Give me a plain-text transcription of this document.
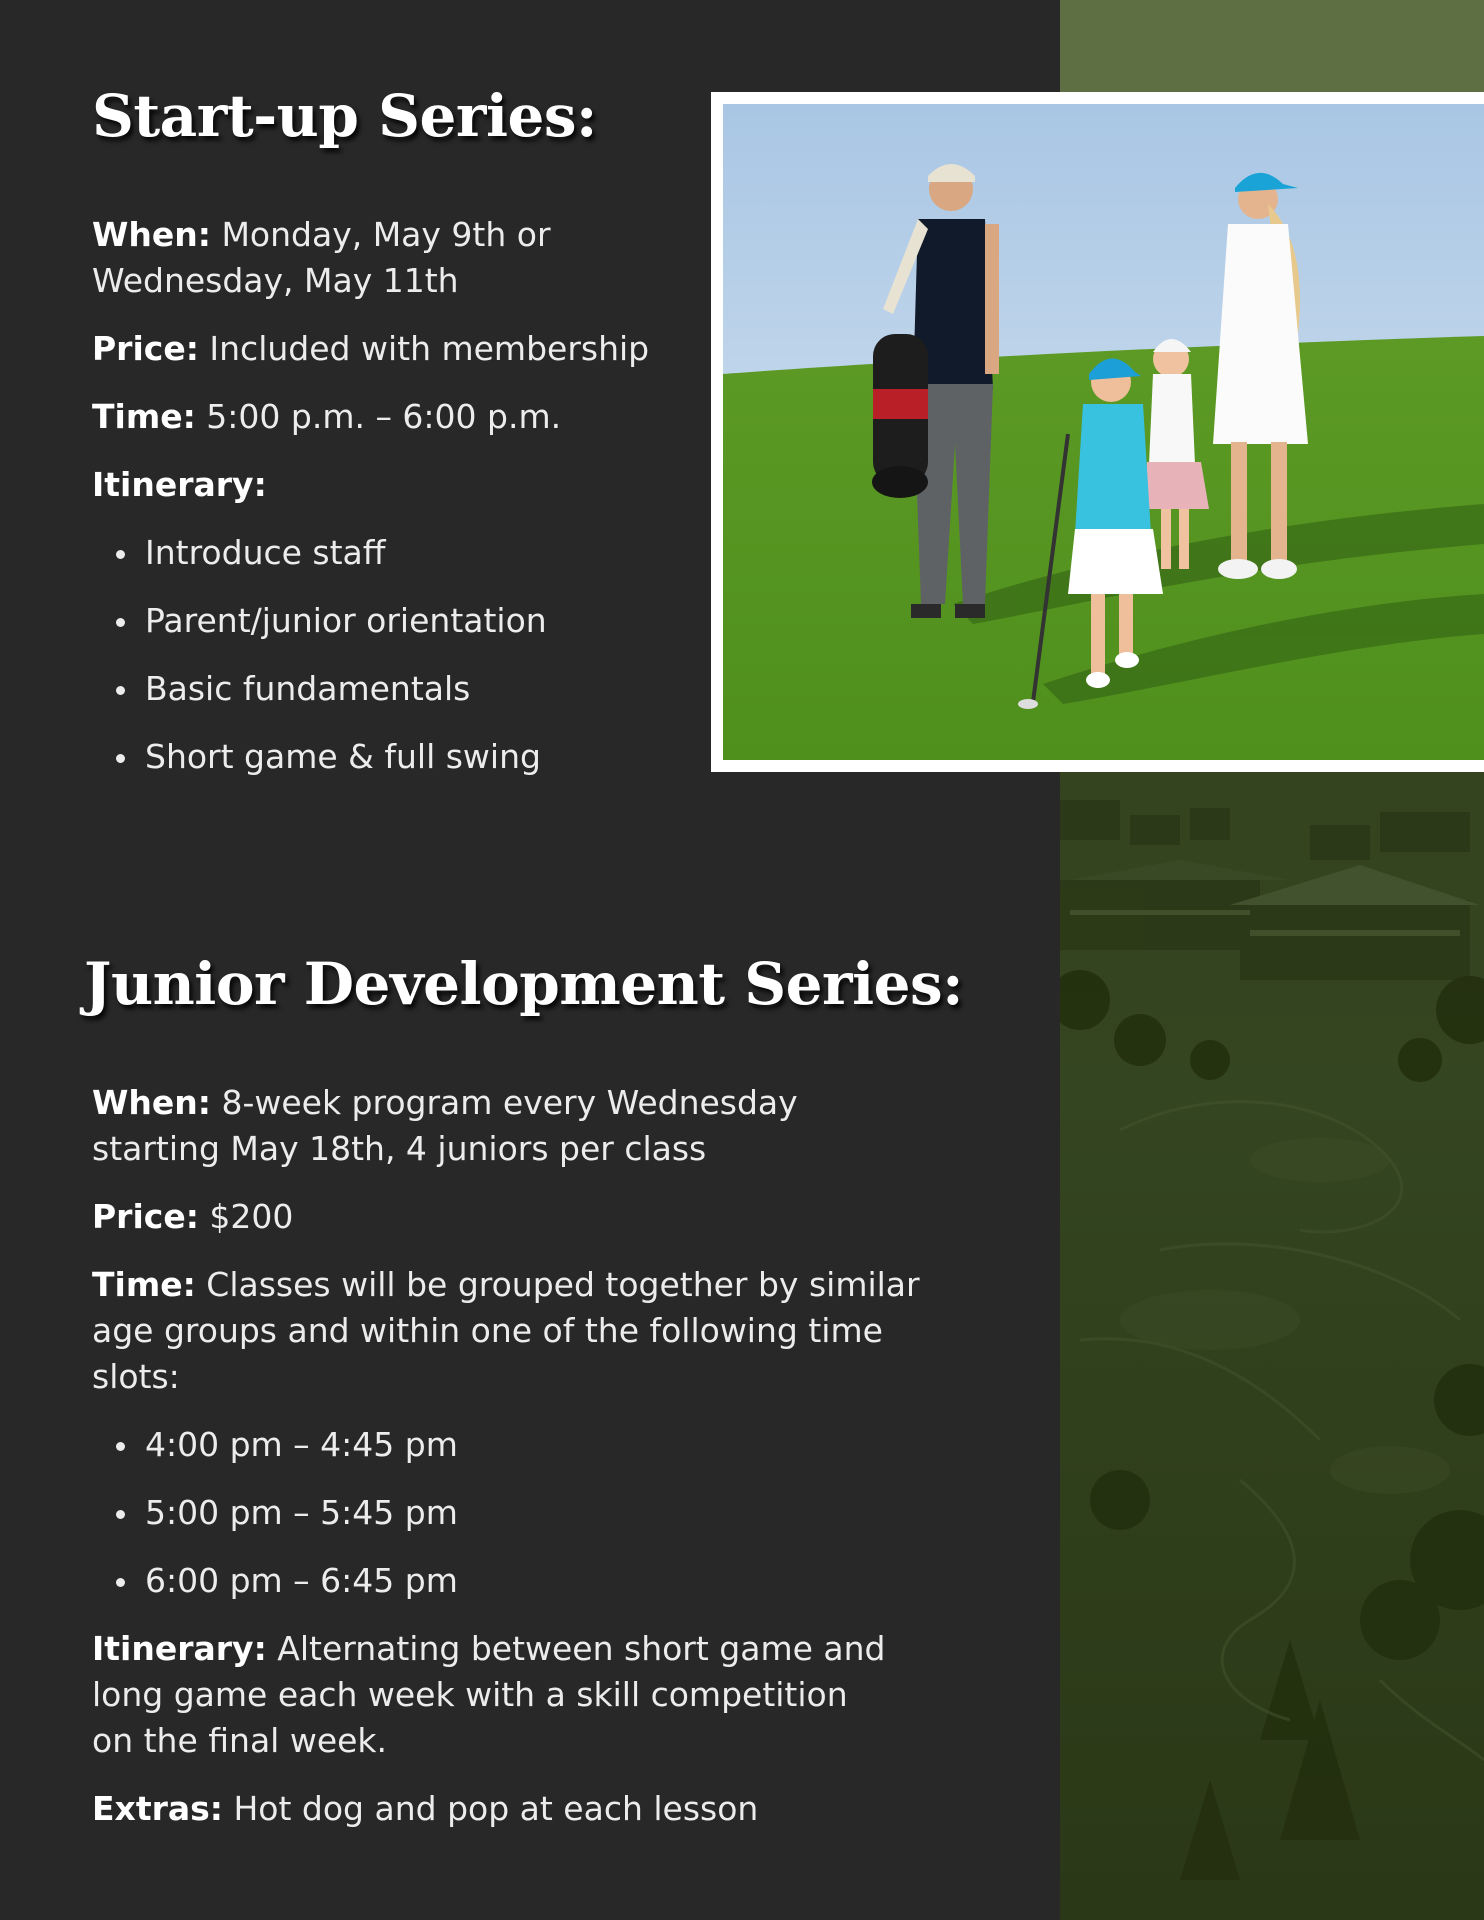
Start-up Series:

When: Monday, May 9th or Wednesday, May 11th

Price: Included with membership

Time: 5:00 p.m. – 6:00 p.m.

Itinerary:

Introduce staff
Parent/junior orientation
Basic fundamentals
Short game & full swing
Junior Development Series:

When: 8-week program every Wednesday starting May 18th, 4 juniors per class

Price: $200

Time: Classes will be grouped together by similar age groups and within one of the following time slots:

4:00 pm – 4:45 pm
5:00 pm – 5:45 pm
6:00 pm – 6:45 pm

Itinerary: Alternating between short game and long game each week with a skill competition on the final week.

Extras: Hot dog and pop at each lesson
